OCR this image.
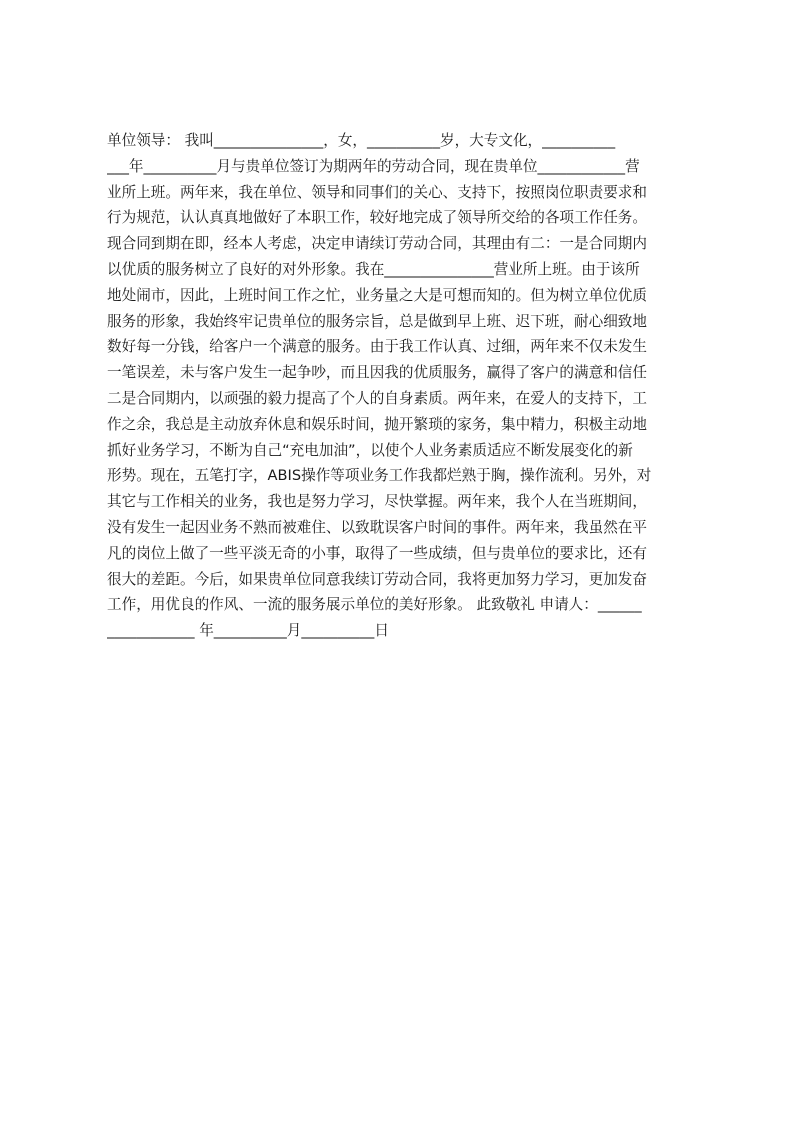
单位领导： 我叫_______________，女，__________岁，大专文化，__________
___年__________月与贵单位签订为期两年的劳动合同，现在贵单位____________营
业所上班。两年来，我在单位、领导和同事们的关心、支持下，按照岗位职责要求和
行为规范，认认真真地做好了本职工作，较好地完成了领导所交给的各项工作任务。
现合同到期在即，经本人考虑，决定申请续订劳动合同，其理由有二：一是合同期内
以优质的服务树立了良好的对外形象。我在_______________营业所上班。由于该所
地处闹市，因此，上班时间工作之忙，业务量之大是可想而知的。但为树立单位优质
服务的形象，我始终牢记贵单位的服务宗旨，总是做到早上班、迟下班，耐心细致地
数好每一分钱，给客户一个满意的服务。由于我工作认真、过细，两年来不仅未发生
一笔误差，未与客户发生一起争吵，而且因我的优质服务，赢得了客户的满意和信任
二是合同期内，以顽强的毅力提高了个人的自身素质。两年来，在爱人的支持下，工
作之余，我总是主动放弃休息和娱乐时间，抛开繁琐的家务，集中精力，积极主动地
抓好业务学习，不断为自己“充电加油”，以使个人业务素质适应不断发展变化的新
形势。现在，五笔打字，ABIS操作等项业务工作我都烂熟于胸，操作流利。另外，对
其它与工作相关的业务，我也是努力学习，尽快掌握。两年来，我个人在当班期间，
没有发生一起因业务不熟而被难住、以致耽误客户时间的事件。两年来，我虽然在平
凡的岗位上做了一些平淡无奇的小事，取得了一些成绩，但与贵单位的要求比，还有
很大的差距。今后，如果贵单位同意我续订劳动合同，我将更加努力学习，更加发奋
工作，用优良的作风、一流的服务展示单位的美好形象。 此致敬礼 申请人：______
____________ 年__________月__________日
